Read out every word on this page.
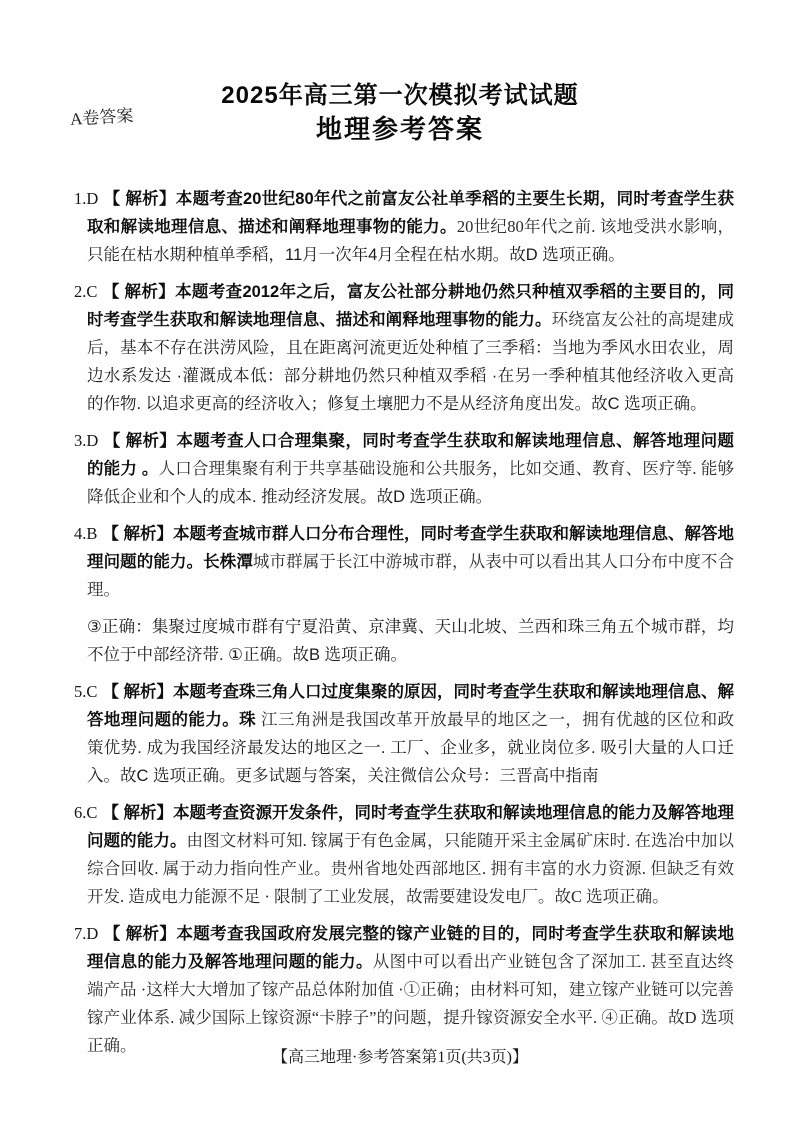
A卷答案
2025年高三第一次模拟考试试题
地理参考答案

1.D 【 解析】本题考查20世纪80年代之前富友公社单季稻的主要生长期，同时考查学生获取和解读地理信息、描述和阐释地理事物的能力。20世纪80年代之前. 该地受洪水影响，只能在枯水期种植单季稻，11月一次年4月全程在枯水期。故D 选项正确。

2.C 【 解析】本题考查2012年之后，富友公社部分耕地仍然只种植双季稻的主要目的，同时考查学生获取和解读地理信息、描述和阐释地理事物的能力。环绕富友公社的高堤建成后，基本不存在洪涝风险，且在距离河流更近处种植了三季稻：当地为季风水田农业，周边水系发达 ·灌溉成本低：部分耕地仍然只种植双季稻 ·在另一季种植其他经济收入更高的作物. 以追求更高的经济收入；修复土壤肥力不是从经济角度出发。故C 选项正确。

3.D 【 解析】本题考查人口合理集聚，同时考查学生获取和解读地理信息、解答地理问题的能力 。人口合理集聚有利于共享基础设施和公共服务，比如交通、教育、医疗等. 能够降低企业和个人的成本. 推动经济发展。故D 选项正确。

4.B 【 解析】本题考查城市群人口分布合理性，同时考查学生获取和解读地理信息、解答地理问题的能力。长株潭城市群属于长江中游城市群，从表中可以看出其人口分布中度不合理。

③正确：集聚过度城市群有宁夏沿黄、京津冀、天山北坡、兰西和珠三角五个城市群，均不位于中部经济带. ①正确。故B 选项正确。

5.C 【 解析】本题考查珠三角人口过度集聚的原因，同时考查学生获取和解读地理信息、解答地理问题的能力。珠 江三角洲是我国改革开放最早的地区之一，拥有优越的区位和政策优势. 成为我国经济最发达的地区之一. 工厂、企业多，就业岗位多. 吸引大量的人口迁入。故C 选项正确。更多试题与答案，关注微信公众号：三晋高中指南

6.C 【 解析】本题考查资源开发条件，同时考查学生获取和解读地理信息的能力及解答地理问题的能力。由图文材料可知. 镓属于有色金属，只能随开采主金属矿床时. 在选冶中加以综合回收. 属于动力指向性产业。贵州省地处西部地区. 拥有丰富的水力资源. 但缺乏有效开发. 造成电力能源不足 · 限制了工业发展，故需要建设发电厂。故C 选项正确。

7.D 【 解析】本题考查我国政府发展完整的镓产业链的目的，同时考查学生获取和解读地理信息的能力及解答地理问题的能力。从图中可以看出产业链包含了深加工. 甚至直达终端产品 ·这样大大增加了镓产品总体附加值 ·①正确；由材料可知，建立镓产业链可以完善镓产业体系. 减少国际上镓资源“卡脖子”的问题，提升镓资源安全水平. ④正确。故D 选项正确。

【高三地理·参考答案第1页(共3页)】
